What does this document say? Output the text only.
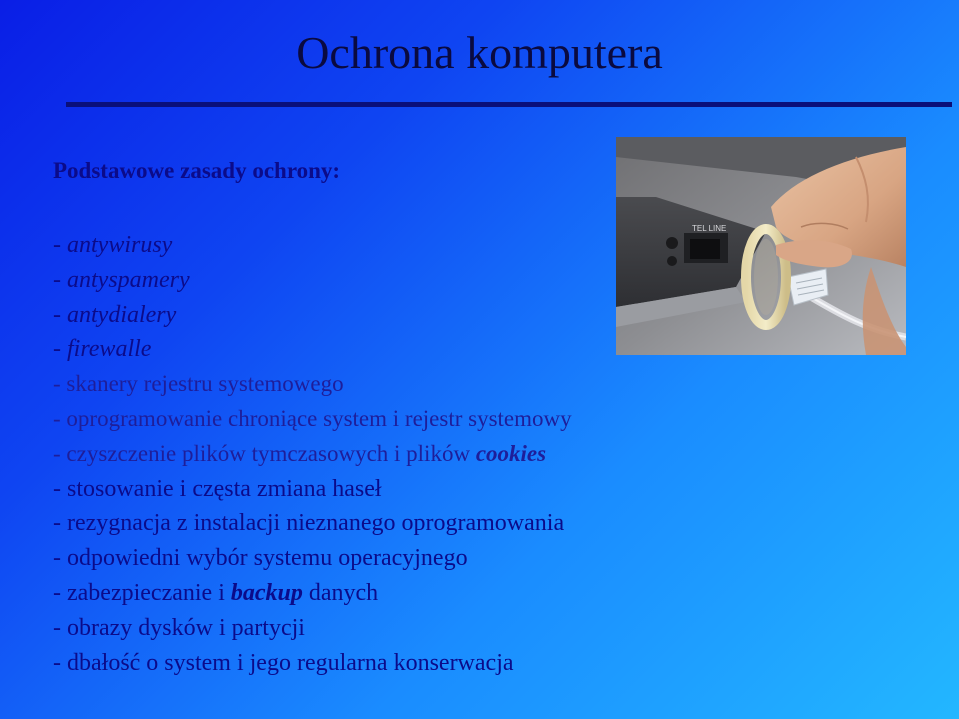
Ochrona komputera
Podstawowe zasady ochrony:
- antywirusy
- antyspamery
- antydialery
- firewalle
- skanery rejestru systemowego
- oprogramowanie chroniące system i rejestr systemowy
- czyszczenie plików tymczasowych i plików cookies
- stosowanie i częsta zmiana haseł
- rezygnacja z instalacji nieznanego oprogramowania
- odpowiedni wybór systemu operacyjnego
- zabezpieczanie i backup danych
- obrazy dysków i partycji
- dbałość o system i jego regularna konserwacja
TEL LINE
